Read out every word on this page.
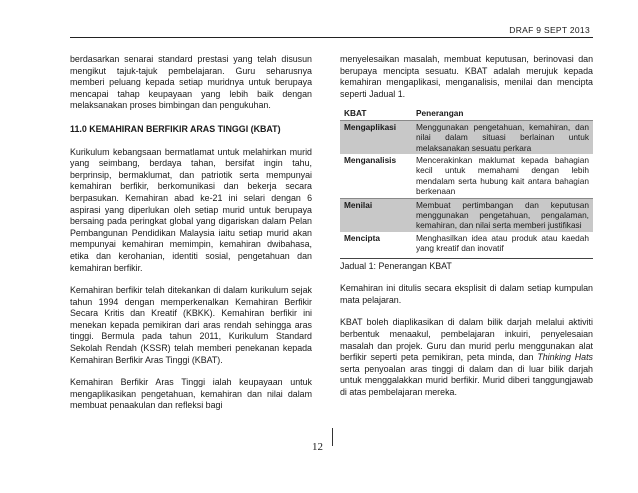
DRAF 9 SEPT 2013

berdasarkan senarai standard prestasi yang telah disusun mengikut tajuk-tajuk pembelajaran. Guru seharusnya memberi peluang kepada setiap muridnya untuk berupaya mencapai tahap keupayaan yang lebih baik dengan melaksanakan proses bimbingan dan pengukuhan.

11.0 KEMAHIRAN BERFIKIR ARAS TINGGI (KBAT)

Kurikulum kebangsaan bermatlamat untuk melahirkan murid yang seimbang, berdaya tahan, bersifat ingin tahu, berprinsip, bermaklumat, dan patriotik serta mempunyai kemahiran berfikir, berkomunikasi dan bekerja secara berpasukan. Kemahiran abad ke-21 ini selari dengan 6 aspirasi yang diperlukan oleh setiap murid untuk berupaya bersaing pada peringkat global yang digariskan dalam Pelan Pembangunan Pendidikan Malaysia iaitu setiap murid akan mempunyai kemahiran memimpin, kemahiran dwibahasa, etika dan kerohanian, identiti sosial, pengetahuan dan kemahiran berfikir.

Kemahiran berfikir telah ditekankan di dalam kurikulum sejak tahun 1994 dengan memperkenalkan Kemahiran Berfikir Secara Kritis dan Kreatif (KBKK). Kemahiran berfikir ini menekan kepada pemikiran dari aras rendah sehingga aras tinggi. Bermula pada tahun 2011, Kurikulum Standard Sekolah Rendah (KSSR) telah memberi penekanan kepada Kemahiran Berfikir Aras Tinggi (KBAT).

Kemahiran Berfikir Aras Tinggi ialah keupayaan untuk mengaplikasikan pengetahuan, kemahiran dan nilai dalam membuat penaakulan dan refleksi bagi

menyelesaikan masalah, membuat keputusan, berinovasi dan berupaya mencipta sesuatu. KBAT adalah merujuk kepada kemahiran mengaplikasi, menganalisis, menilai dan mencipta seperti Jadual 1.

KBAT	Penerangan
Mengaplikasi	Menggunakan pengetahuan, kemahiran, dan nilai dalam situasi berlainan untuk melaksanakan sesuatu perkara
Menganalisis	Mencerakinkan maklumat kepada bahagian kecil untuk memahami dengan lebih mendalam serta hubung kait antara bahagian berkenaan
Menilai	Membuat pertimbangan dan keputusan menggunakan pengetahuan, pengalaman, kemahiran, dan nilai serta memberi justifikasi
Mencipta	Menghasilkan idea atau produk atau kaedah yang kreatif dan inovatif

Jadual 1: Penerangan KBAT

Kemahiran ini ditulis secara eksplisit di dalam setiap kumpulan mata pelajaran.

KBAT boleh diaplikasikan di dalam bilik darjah melalui aktiviti berbentuk menaakul, pembelajaran inkuiri, penyelesaian masalah dan projek. Guru dan murid perlu menggunakan alat berfikir seperti peta pemikiran, peta minda, dan Thinking Hats serta penyoalan aras tinggi di dalam dan di luar bilik darjah untuk menggalakkan murid berfikir. Murid diberi tanggungjawab di atas pembelajaran mereka.

12
